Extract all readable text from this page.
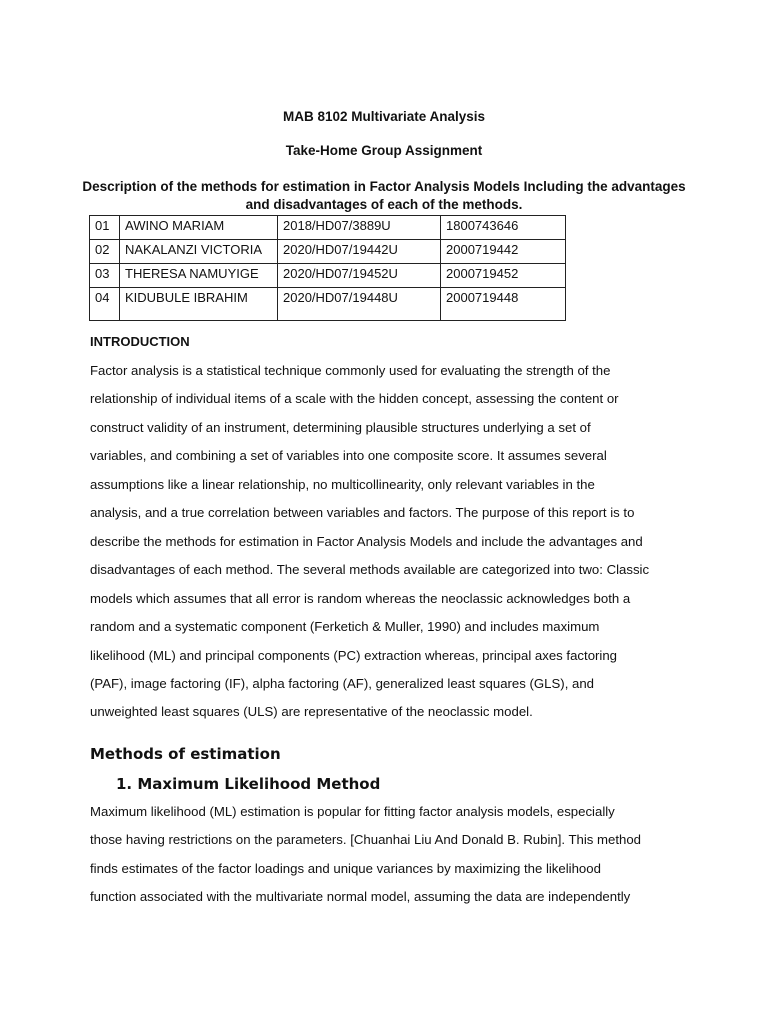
MAB 8102 Multivariate Analysis
Take-Home Group Assignment
Description of the methods for estimation in Factor Analysis Models Including the advantages
and disadvantages of each of the methods.
01	AWINO MARIAM	2018/HD07/3889U	1800743646
02	NAKALANZI VICTORIA	2020/HD07/19442U	2000719442
03	THERESA NAMUYIGE	2020/HD07/19452U	2000719452
04	KIDUBULE IBRAHIM	2020/HD07/19448U	2000719448
INTRODUCTION
Factor analysis is a statistical technique commonly used for evaluating the strength of the
relationship of individual items of a scale with the hidden concept, assessing the content or
construct validity of an instrument, determining plausible structures underlying a set of
variables, and combining a set of variables into one composite score. It assumes several
assumptions like a linear relationship, no multicollinearity, only relevant variables in the
analysis, and a true correlation between variables and factors. The purpose of this report is to
describe the methods for estimation in Factor Analysis Models and include the advantages and
disadvantages of each method. The several methods available are categorized into two: Classic
models which assumes that all error is random whereas the neoclassic acknowledges both a
random and a systematic component (Ferketich & Muller, 1990) and includes maximum
likelihood (ML) and principal components (PC) extraction whereas, principal axes factoring
(PAF), image factoring (IF), alpha factoring (AF), generalized least squares (GLS), and
unweighted least squares (ULS) are representative of the neoclassic model.
Methods of estimation
1. Maximum Likelihood Method
Maximum likelihood (ML) estimation is popular for fitting factor analysis models, especially
those having restrictions on the parameters. [Chuanhai Liu And Donald B. Rubin]. This method
finds estimates of the factor loadings and unique variances by maximizing the likelihood
function associated with the multivariate normal model, assuming the data are independently
